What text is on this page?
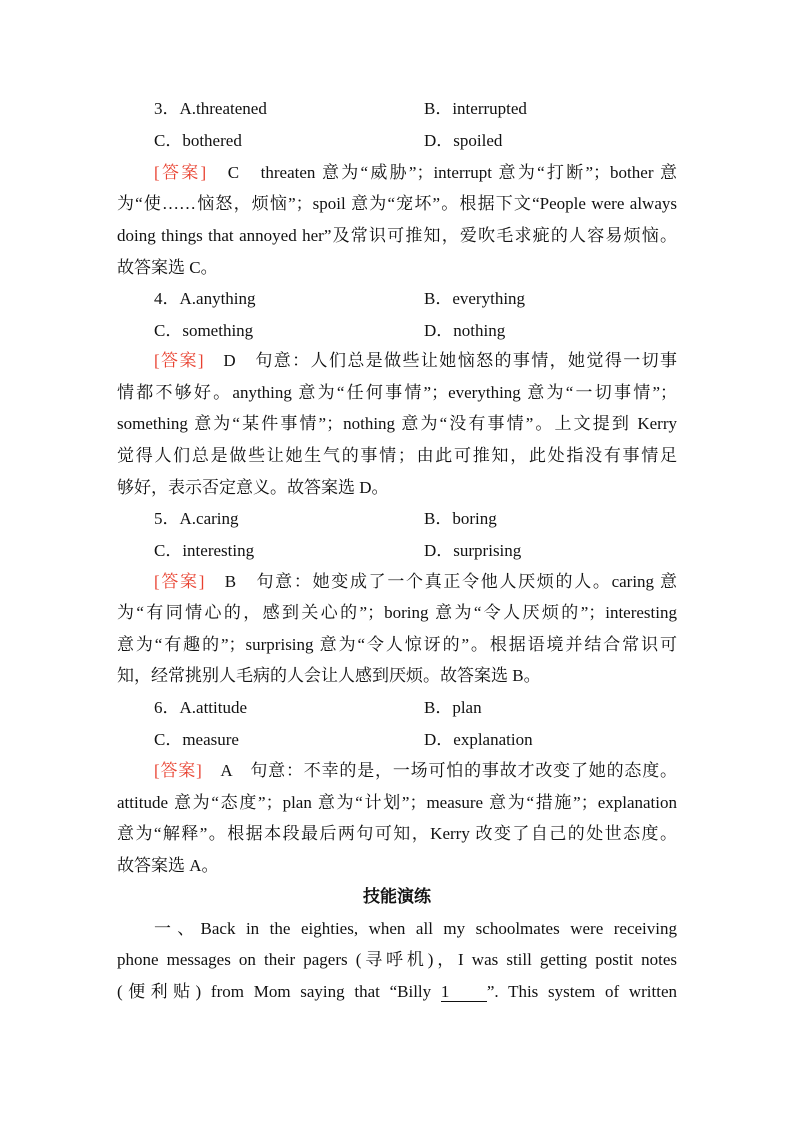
3．A.threatened	B．interrupted
C．bothered	D．spoiled
[答案]　 C　threaten 意为“威胁”；interrupt 意为“打断”；bother 意
为“使……恼怒，烦恼”；spoil 意为“宠坏”。根据下文“People were always
doing things that annoyed her”及常识可推知，爱吹毛求疵的人容易烦恼。
故答案选 C。
4．A.anything	B．everything
C．something	D．nothing
[答案]　 D　句意：人们总是做些让她恼怒的事情，她觉得一切事
情都不够好。anything 意为“任何事情”；everything 意为“一切事情”；
something 意为“某件事情”；nothing 意为“没有事情”。上文提到 Kerry
觉得人们总是做些让她生气的事情；由此可推知，此处指没有事情足
够好，表示否定意义。故答案选 D。
5．A.caring	B．boring
C．interesting	D．surprising
[答案]　 B　句意：她变成了一个真正令他人厌烦的人。caring 意
为“有同情心的，感到关心的”；boring 意为“令人厌烦的”；interesting
意为“有趣的”；surprising 意为“令人惊讶的”。根据语境并结合常识可
知，经常挑别人毛病的人会让人感到厌烦。故答案选 B。
6．A.attitude	B．plan
C．measure	D．explanation
[答案]　 A　句意：不幸的是，一场可怕的事故才改变了她的态度。
attitude 意为“态度”；plan 意为“计划”；measure 意为“措施”；explanation
意为“解释”。根据本段最后两句可知，Kerry 改变了自己的处世态度。
故答案选 A。
技能演练
一、Back in the eighties, when all my schoolmates were receiving
phone messages on their pagers (寻呼机)，I was still getting postit notes
(便利贴) from Mom saying that “Billy 1 ”. This system of written
